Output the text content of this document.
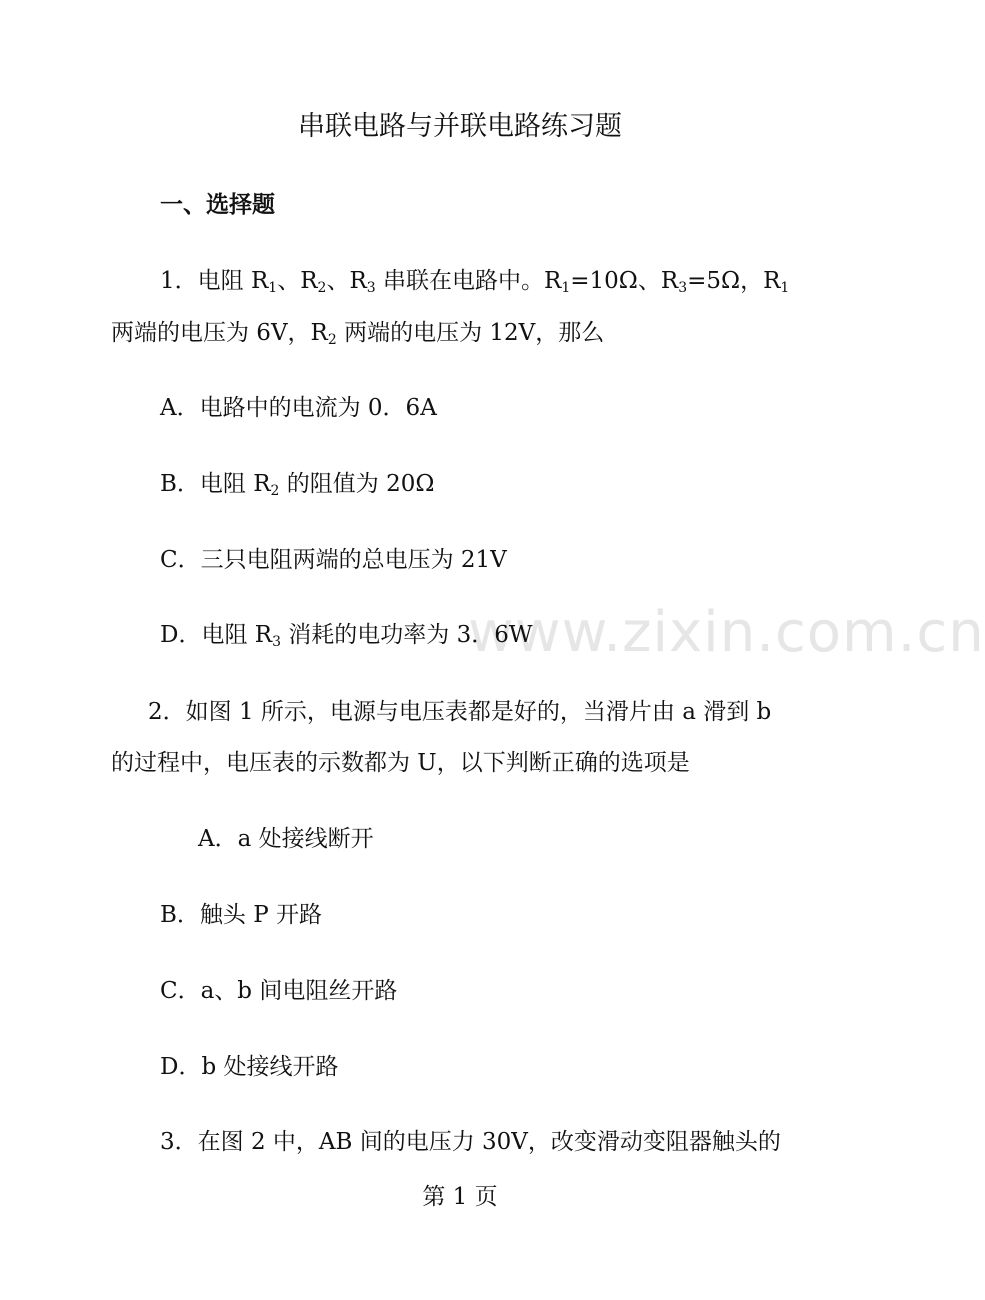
www.zixin.com.cn
串联电路与并联电路练习题
一、选择题
1．电阻 $R_1$、$R_2$、$R_3$ 串联在电路中。$R_1=10\Omega$、$R_3=5\Omega$，$R_1$
两端的电压为 6V，$R_2$ 两端的电压为 12V，那么
A．电路中的电流为 0．6A
B．电阻 $R_2$ 的阻值为 20Ω
C．三只电阻两端的总电压为 21V
D．电阻 $R_3$ 消耗的电功率为 3．6W
2．如图 1 所示，电源与电压表都是好的，当滑片由 a 滑到 b
的过程中，电压表的示数都为 U，以下判断正确的选项是
A．a 处接线断开
B．触头 P 开路
C．a、b 间电阻丝开路
D．b 处接线开路
3．在图 2 中，AB 间的电压力 30V，改变滑动变阻器触头的
第 1 页
